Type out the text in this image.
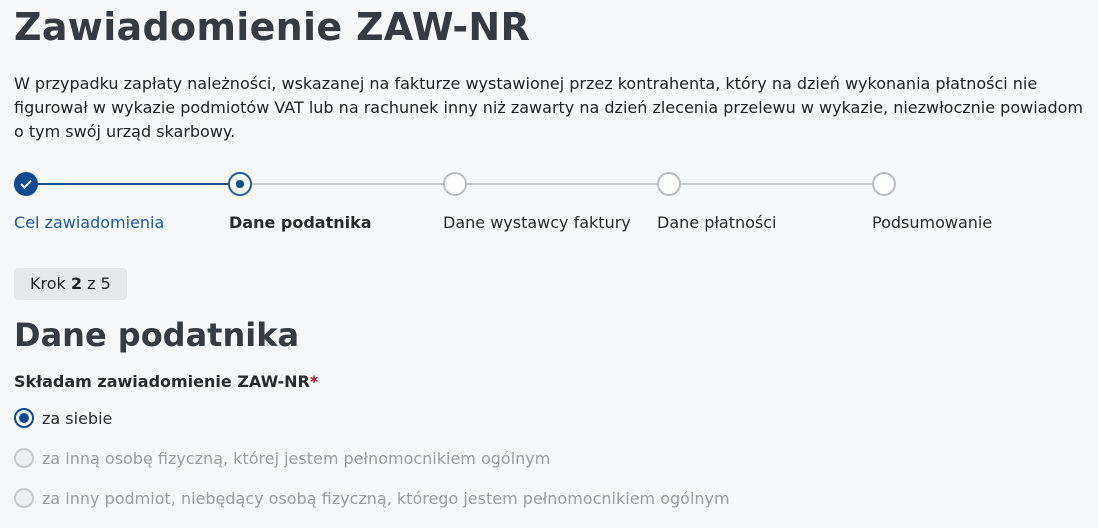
Zawiadomienie ZAW-NR

W przypadku zapłaty należności, wskazanej na fakturze wystawionej przez kontrahenta, który na dzień wykonania płatności nie figurował w wykazie podmiotów VAT lub na rachunek inny niż zawarty na dzień zlecenia przelewu w wykazie, niezwłocznie powiadom o tym swój urząd skarbowy.

Cel zawiadomienia	Dane podatnika	Dane wystawcy faktury Dane płatności	Podsumowanie
Krok 2 z 5
Dane podatnika
Składam zawiadomienie ZAW-NR*
za siebie
za inną osobę fizyczną, której jestem pełnomocnikiem ogólnym
za inny podmiot, niebędący osobą fizyczną, którego jestem pełnomocnikiem ogólnym
